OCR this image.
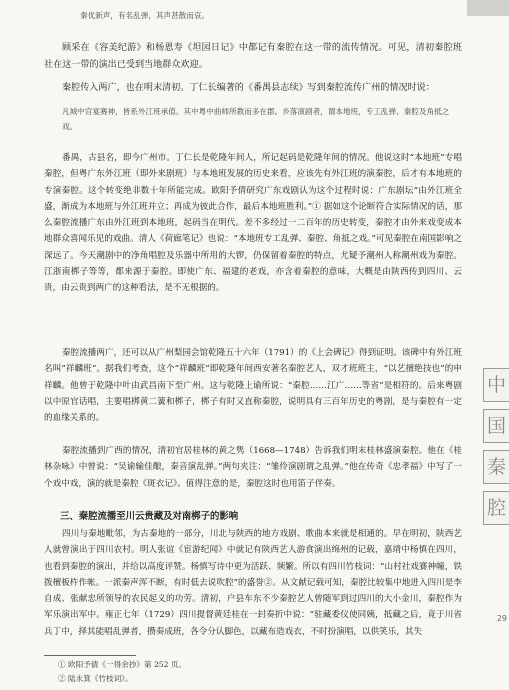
秦优新声，有名乱弹，其声甚散而哀。

顾采在《容美纪游》和杨恩寿《坦园日记》中都记有秦腔在这一带的流传情况。可见，清初秦腔班社在这一带的演出已受到当地群众欢迎。

秦腔传入两广，也在明末清初。丁仁长编著的《番禺县志续》写到秦腔流传广州的情况时说：

凡城中官宴赛神，皆系外江班承值。其中粤中曲师所教而多在郡。乡落演剧者，谓本地班，专工乱弹、秦腔及角抵之戏。

番禺，古县名，即今广州市。丁仁长是乾隆年间人，所记起码是乾隆年间的情况。他说这时“本地班”专唱秦腔，但粤广东外江班（即外来剧班）与本地班发展的历史来看，应该先有外江班的演秦腔，后才有本地班的专演秦腔。这个转变绝非数十年所能完成。欧阳予倩研究广东戏剧认为这个过程时说：广东剧坛“由外江班全盛，渐成为本地班与外江班并立；再成为彼此合作，最后本地班胜利。”① 据如这个论断符合实际情况的话，那么秦腔流播广东由外江班到本地班，起码当在明代。差不多经过一二百年的历史转变，秦腔才由外来戏变成本地群众喜闻乐见的戏曲。清人《荷廊笔记》也说：“本地班专工乱弹、秦腔、角抵之戏。”可见秦腔在南国影响之深远了。今天潮剧中的净角唱腔及乐器中所用的大锣，仍保留着秦腔的特点，尤疑予潮州人称潮州戏为秦腔。江浙南梆子等等，都来源于秦腔。即使广东、福建的老戏，亦含着秦腔的意味，大概是由陕西传到四川、云贵，由云贵到两广的这种看法，是不无根据的。

秦腔流播两广，还可以从广州梨园会馆乾隆五十六年（1791）的《上会碑记》得到证明。该碑中有外江班名叫“祥麟班”。据我们考查，这个“祥麟班”即乾隆年间西安著名秦腔艺人，双才班班主，“以艺擅绝技也”的申祥麟。他曾于乾隆中叶由武昌南下至广州。这与乾隆上谕所说：“秦腔……江广……等省”是相符的。后来粤剧以中原官话唱，主要唱梆黄二簧和梆子，梆子有时又直称秦腔，说明具有三百年历史的粤剧，是与秦腔有一定的血缘关系的。

秦腔流播到广西的情况，清初官居桂林的黄之隽（1668—1748）告诉我们明末桂林盛演秦腔。他在《桂林杂咏》中曾说：“吴谕输佳酿，秦音演乱弹。”两句夹注：“雏伶演剧谓之乱弹。”他在传奇《忠孝福》中写了一个戏中戏，演的就是秦腔《斑衣记》。值得注意的是，秦腔这时也用笛子伴奏。

三、秦腔流播至川云贵藏及对南梆子的影响

四川与秦地毗邻，为古秦地的一部分，川北与陕西的地方戏剧、歌曲本来就是相通的。早在明初，陕西艺人就曾演出于四川农村。明人张谊《宦游纪闻》中就记有陕西艺人游食演出绵州的记载，嘉靖中杨慎在四川，也看到秦腔的演出，并给以高度评赞。杨慎写诗中更为活跃、频繁。所以有四川竹枝词：“山村社戏赛神幢，铁拨檀板杵作帐。一派秦声浑不断，有时低去说吹腔”的盛誉②。从文献记载可知，秦腔比较集中地进入四川是李自成、张献忠所领导的农民起义的功劳。清初，户县车东不少秦腔艺人曾随军到过四川的大小金川，秦腔作为军乐演出军中。雍正七年（1729）四川提督黄廷桂在一封奏折中说：“驻藏委仪使同姨，抵藏之后，竟于川省兵丁中，择其能唱乱弹者，攒奏成班，各令分认脚色，以藏布造戏衣，不时扮演唱，以供笑乐，其失

① 欧阳予倩《一得余抄》第 252 页。

② 陆永箕《竹枝词》。

中
国
秦
腔
29
